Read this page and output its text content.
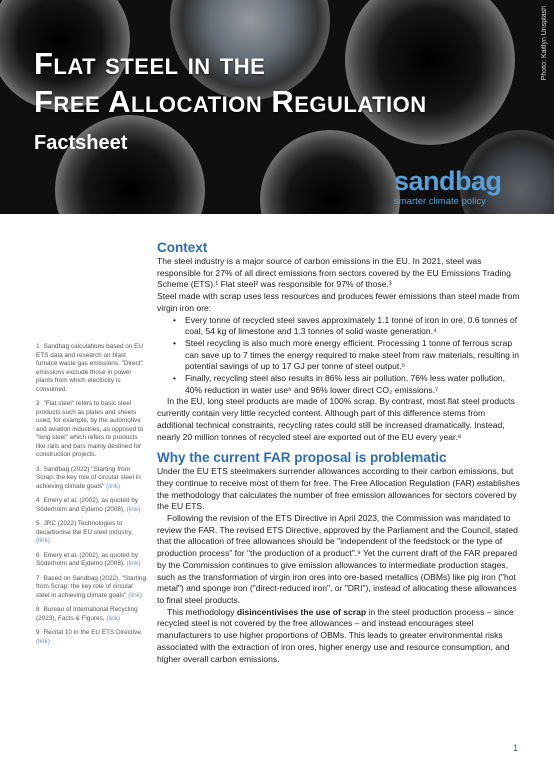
Flat steel in the
Free Allocation Regulation
Factsheet
Photo: Kaitlyn Unsplash
sandbag
smarter climate policy
1 Sandbag calculations based on EU ETS data and research on blast furnace waste gas emissions. "Direct" emissions exclude those in power plants from which electricity is consumed.
2 "Flat steel" refers to basic steel products such as plates and sheets used, for example, by the automotive and aviation industries, as opposed to "long steel" which refers to products like rails and bars mainly destined for construction projects.
3 Sandbag (2022) "Starting from Scrap: the key role of circular steel in achieving climate goals" (link)
4 Emery et al. (2002), as quoted by Söderholm and Ejdemo (2008), (link)
5 JRC (2022) Technologies to decarbonise the EU steel industry, (link)
6 Emery et al. (2002), as quoted by Söderholm and Ejdemo (2008), (link)
7 Based on Sandbag (2022), "Starting from Scrap: the key role of circular steel in achieving climate goals" (link)
8 Bureau of International Recycling (2023), Facts & Figures, (link)
9 Recital 10 in the EU ETS Directive. (link)
Context

The steel industry is a major source of carbon emissions in the EU. In 2021, steel was responsible for 27% of all direct emissions from sectors covered by the EU Emissions Trading Scheme (ETS).¹ Flat steel² was responsible for 97% of those.³

Steel made with scrap uses less resources and produces fewer emissions than steel made from virgin iron ore:

• Every tonne of recycled steel saves approximately 1.1 tonne of iron in ore, 0.6 tonnes of coal, 54 kg of limestone and 1.3 tonnes of solid waste generation.⁴
• Steel recycling is also much more energy efficient. Processing 1 tonne of ferrous scrap can save up to 7 times the energy required to make steel from raw materials, resulting in potential savings of up to 17 GJ per tonne of steel output.⁵
• Finally, recycling steel also results in 86% less air pollution, 76% less water pollution, 40% reduction in water use⁶ and 96% lower direct CO₂ emissions.⁷

In the EU, long steel products are made of 100% scrap. By contrast, most flat steel products currently contain very little recycled content. Although part of this difference stems from additional technical constraints, recycling rates could still be increased dramatically. Instead, nearly 20 million tonnes of recycled steel are exported out of the EU every year.⁸

Why the current FAR proposal is problematic

Under the EU ETS steelmakers surrender allowances according to their carbon emissions, but they continue to receive most of them for free. The Free Allocation Regulation (FAR) establishes the methodology that calculates the number of free emission allowances for sectors covered by the EU ETS.

Following the revision of the ETS Directive in April 2023, the Commission was mandated to review the FAR. The revised ETS Directive, approved by the Parliament and the Council, stated that the allocation of free allowances should be "independent of the feedstock or the type of production process" for "the production of a product".⁹ Yet the current draft of the FAR prepared by the Commission continues to give emission allowances to intermediate production stages, such as the transformation of virgin iron ores into ore-based metallics (OBMs) like pig iron ("hot metal") and sponge iron ("direct-reduced iron", or "DRI"), instead of allocating these allowances to final steel products.

This methodology disincentivises the use of scrap in the steel production process – since recycled steel is not covered by the free allowances – and instead encourages steel manufacturers to use higher proportions of OBMs. This leads to greater environmental risks associated with the extraction of iron ores, higher energy use and resource consumption, and higher overall carbon emissions.

1
